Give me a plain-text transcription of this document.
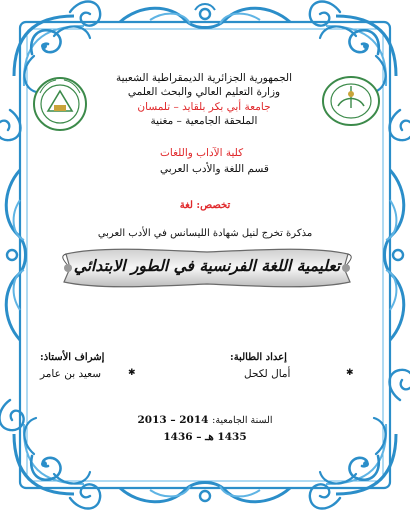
الجمهورية الجزائرية الديمقراطية الشعبية
وزارة التعليم العالي والبحث العلمي
جامعة أبي بكر بلقايد – تلمسان
الملحقة الجامعية – مغنية
كلية الآداب واللغات
قسم اللغة والأدب العربي
تخصص: لغة
مذكرة تخرج لنيل شهادة الليسانس في الأدب العربي
تعليمية اللغة الفرنسية في الطور الابتدائي
إعداد الطالبة:
أمال لكحل	✱
إشراف الأستاذ:
سعيد بن عامر	✱
السنة الجامعية: 2014 – 2013
1435 هـ – 1436
